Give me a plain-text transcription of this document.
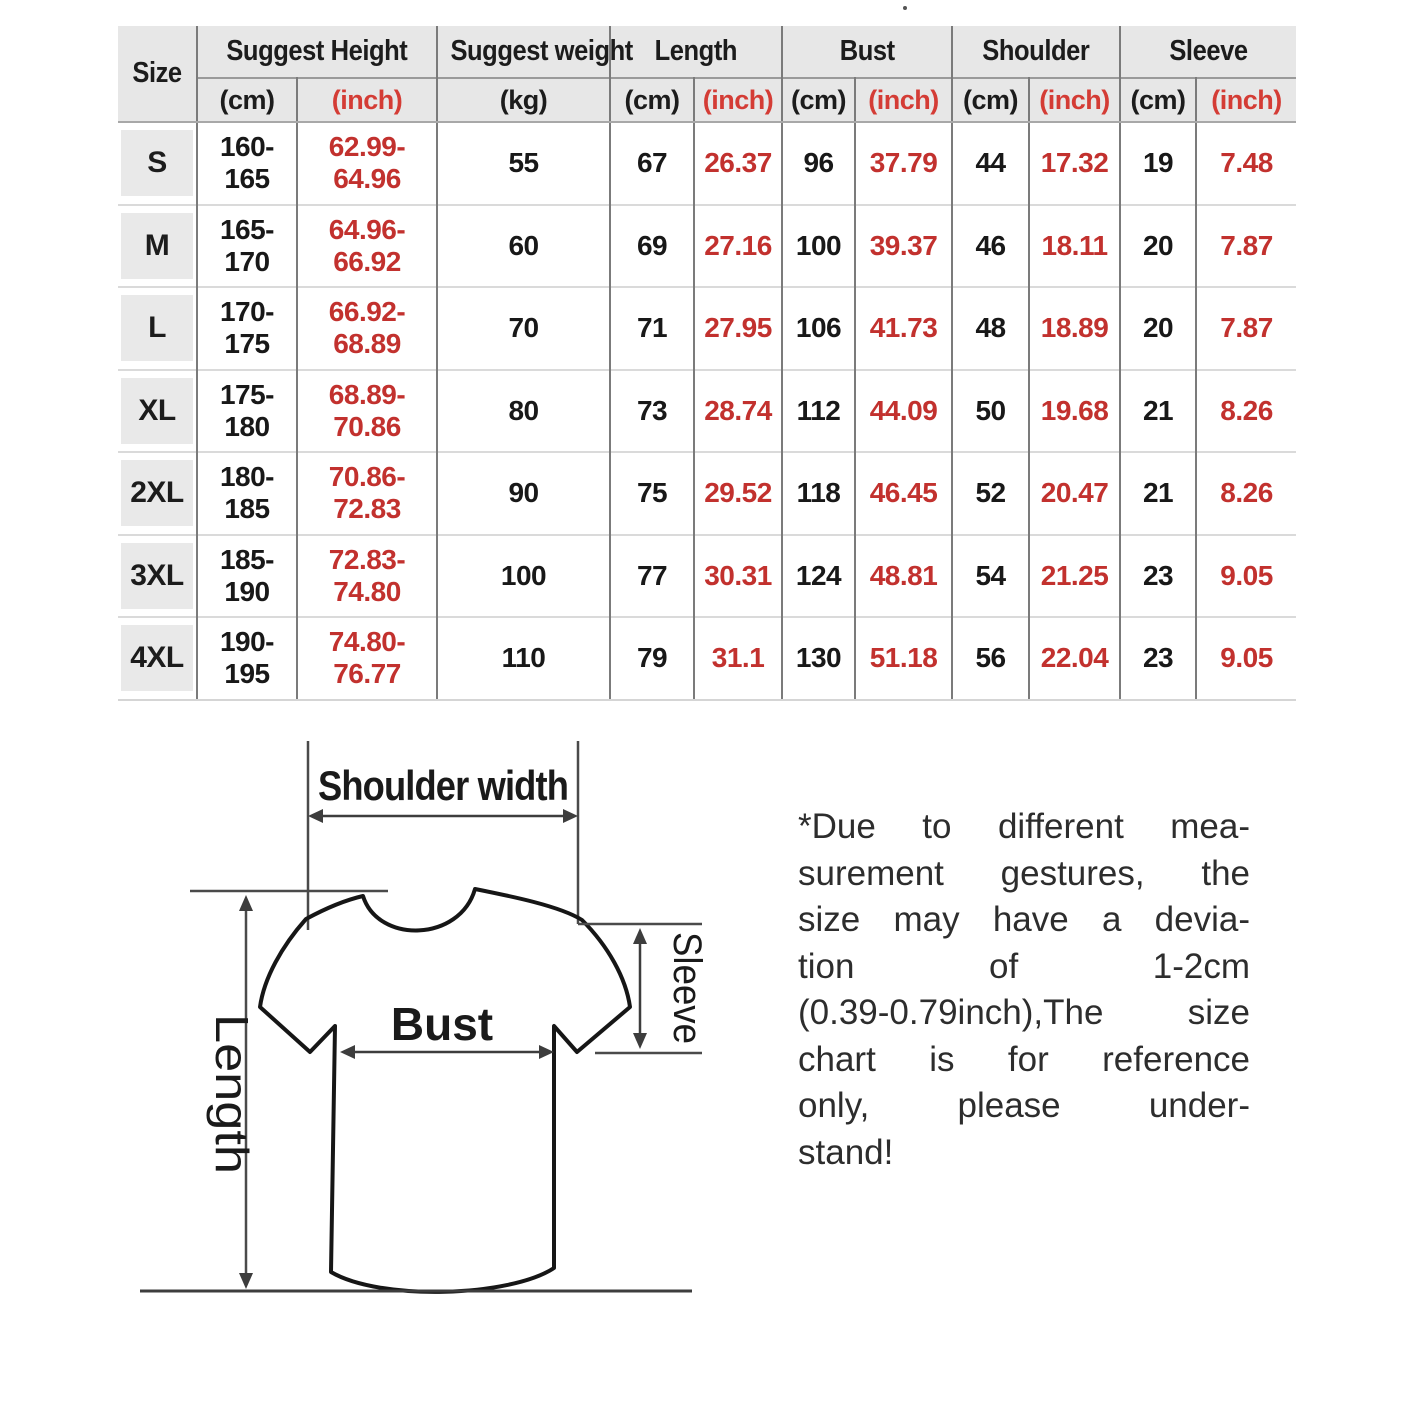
Size	Suggest Height		Suggest weight	Length		Bust		Shoulder		Sleeve	
	(cm)	(inch)	(kg)	(cm)	(inch)	(cm)	(inch)	(cm)	(inch)	(cm)	(inch)
S	160-165	62.99-64.96	55	67	26.37	96	37.79	44	17.32	19	7.48
M	165-170	64.96-66.92	60	69	27.16	100	39.37	46	18.11	20	7.87
L	170-175	66.92-68.89	70	71	27.95	106	41.73	48	18.89	20	7.87
XL	175-180	68.89-70.86	80	73	28.74	112	44.09	50	19.68	21	8.26
2XL	180-185	70.86-72.83	90	75	29.52	118	46.45	52	20.47	21	8.26
3XL	185-190	72.83-74.80	100	77	30.31	124	48.81	54	21.25	23	9.05
4XL	190-195	74.80-76.77	110	79	31.1	130	51.18	56	22.04	23	9.05
Shoulder width
Length
Sleeve
Bust
*Due to different mea-
surement gestures, the
size may have a devia-
tion of 1-2cm
(0.39-0.79inch),The size
chart is for reference
only, please under-
stand!
